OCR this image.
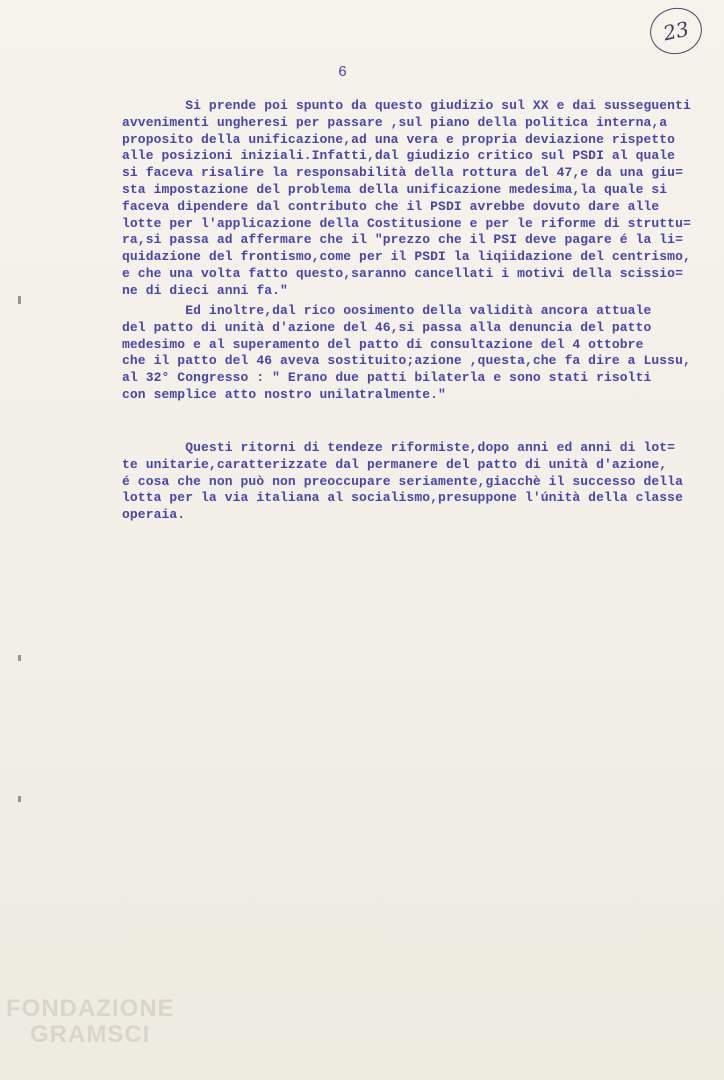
23
6
Si prende poi spunto da questo giudizio sul XX e dai susseguenti
avvenimenti ungheresi per passare ,sul piano della politica interna,a
proposito della unificazione,ad una vera e propria deviazione rispetto
alle posizioni iniziali.Infatti,dal giudizio critico sul PSDI al quale
si faceva risalire la responsabilità della rottura del 47,e da una giu=
sta impostazione del problema della unificazione medesima,la quale si
faceva dipendere dal contributo che il PSDI avrebbe dovuto dare alle
lotte per l'applicazione della Costitusione e per le riforme di struttu=
ra,si passa ad affermare che il "prezzo che il PSI deve pagare é la li=
quidazione del frontismo,come per il PSDI la liqiidazione del centrismo,
e che una volta fatto questo,saranno cancellati i motivi della scissio=
ne di dieci anni fa."
Ed inoltre,dal rico oosimento della validità ancora attuale
del patto di unità d'azione del 46,si passa alla denuncia del patto
medesimo e al superamento del patto di consultazione del 4 ottobre
che il patto del 46 aveva sostituito;azione ,questa,che fa dire a Lussu,
al 32° Congresso : " Erano due patti bilaterla e sono stati risolti
con semplice atto nostro unilatralmente."
Questi ritorni di tendeze riformiste,dopo anni ed anni di lot=
te unitarie,caratterizzate dal permanere del patto di unità d'azione,
é cosa che non può non preoccupare seriamente,giacchè il successo della
lotta per la via italiana al socialismo,presuppone l'únità della classe
operaia.
FONDAZIONE
GRAMSCI
